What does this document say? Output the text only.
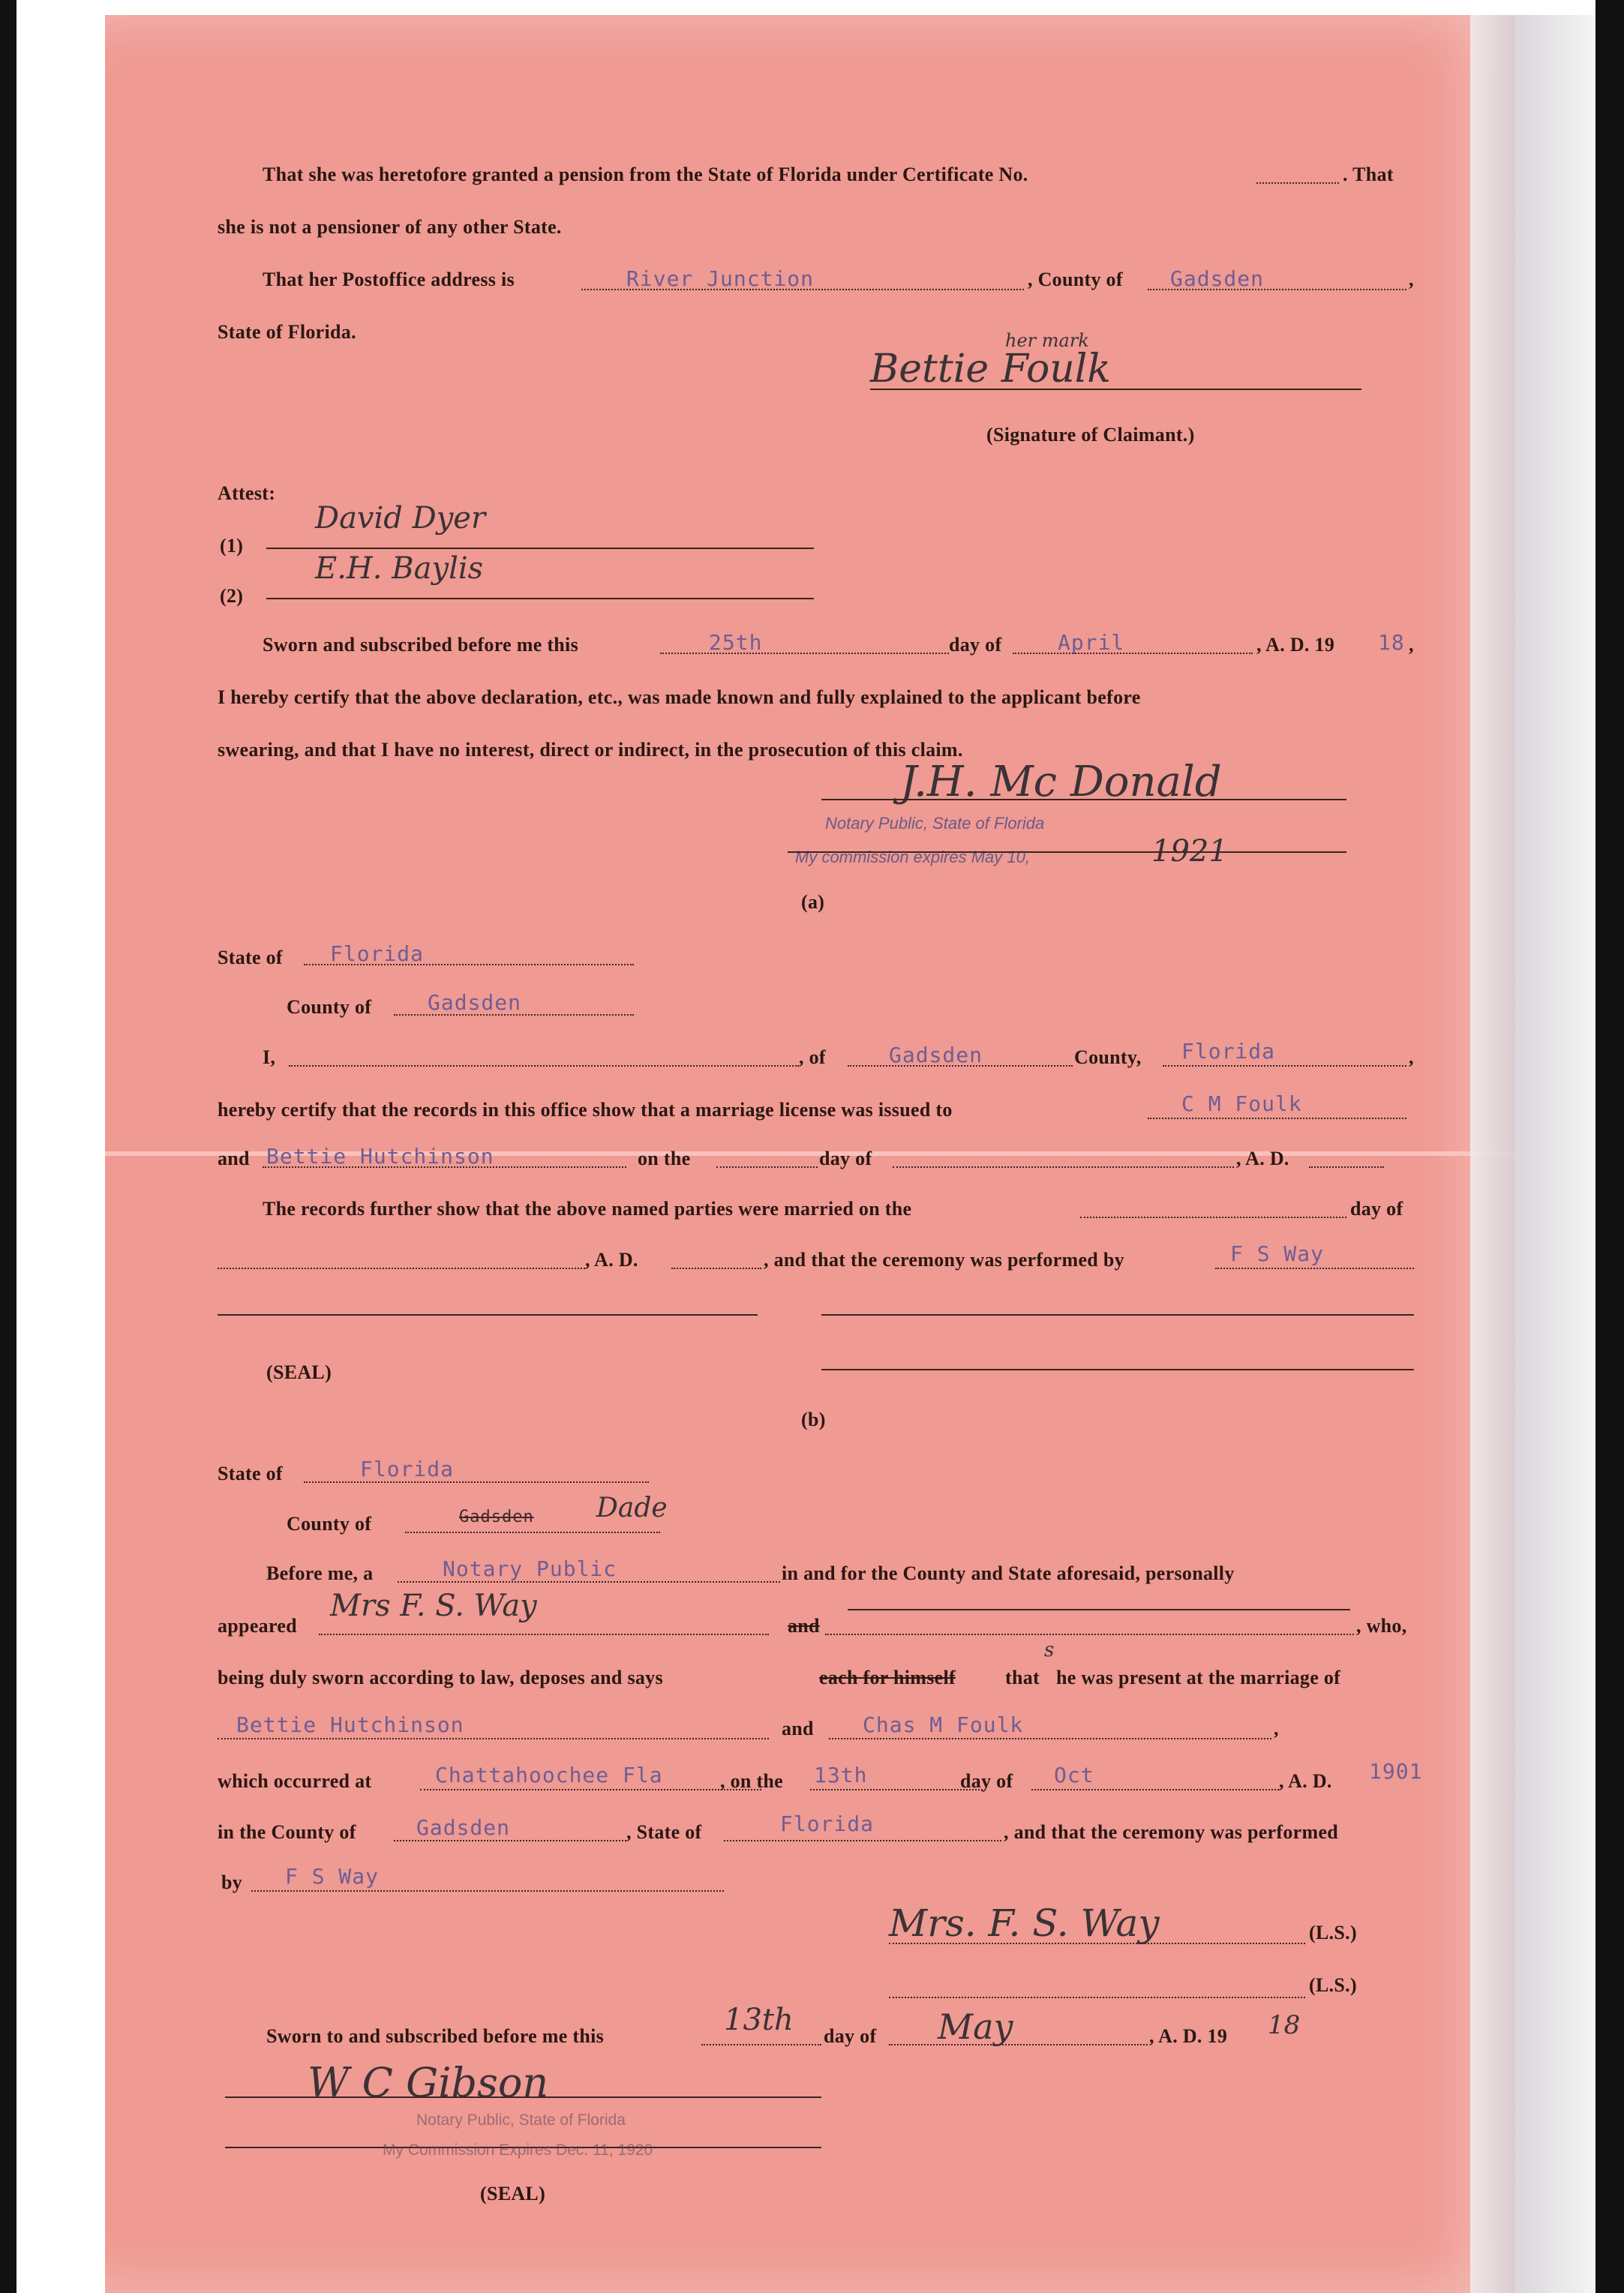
That she was heretofore granted a pension from the State of Florida under Certificate No.	. That
she is not a pensioner of any other State.
That her Postoffice address is	River Junction	, County of Gadsden	,
State of Florida.
Bettie Foulk
her mark
(Signature of Claimant.)
Attest:
(1)
David Dyer
(2)
E.H. Baylis
Sworn and subscribed before me this	25th	day of	April	, A. D. 19 18 ,
I hereby certify that the above declaration, etc., was made known and fully explained to the applicant before
swearing, and that I have no interest, direct or indirect, in the prosecution of this claim.
J.H. Mc Donald
Notary Public, State of Florida
My commission expires May 10,	1921
(a)
State of Florida
County of	Gadsden
I,	, of	Gadsden	County, Florida	,
hereby certify that the records in this office show that a marriage license was issued to	C M Foulk
and Bettie Hutchinson	on the	day of	, A. D.
The records further show that the above named parties were married on the	day of
, A. D.	, and that the ceremony was performed by	F S Way
(SEAL)
(b)
State of	Florida
County of	Gadsden Dade
Before me, a	Notary Public	in and for the County and State aforesaid, personally
appeared
Mrs F. S. Way
and	, who,
being duly sworn according to law, deposes and says	each for himself	that
s
he was present at the marriage of
Bettie Hutchinson	and Chas M Foulk	,
which occurred at	Chattahoochee Fla	, on the 13th	day of Oct	, A. D. 1901
in the County of	Gadsden	, State of	Florida	, and that the ceremony was performed
by F S Way
Mrs. F. S. Way	(L.S.)
(L.S.)
Sworn to and subscribed before me this	13th day of May	, A. D. 19 18
W C Gibson
Notary Public, State of Florida
My Commission Expires Dec. 11, 1920
(SEAL)
